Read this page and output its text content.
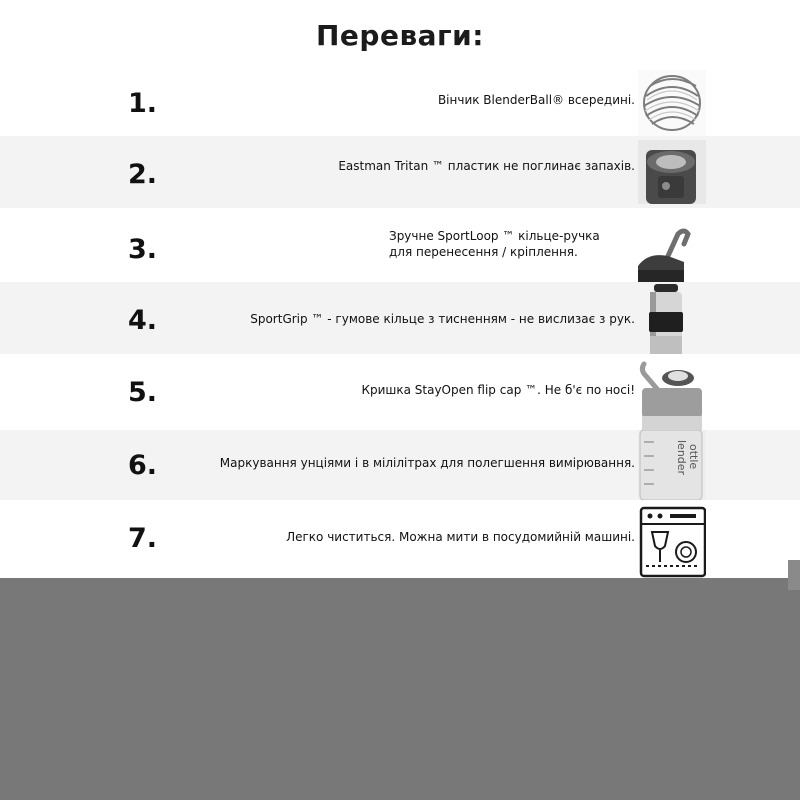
Переваги:
1.	Вінчик BlenderBall® всередині.
2.	Eastman Tritan ™ пластик не поглинає запахів.
3.	Зручне SportLoop ™ кільце-ручка
для перенесення / кріплення.
4.	SportGrip ™ - гумове кільце з тисненням - не вислизає з рук.
5.	Кришка StayOpen flip cap ™. Не б'є по носі!
6.	Маркування унціями і в мілілітрах для полегшення вимірювання.	lender ottle
7.	Легко чиститься. Можна мити в посудомийній машині.
